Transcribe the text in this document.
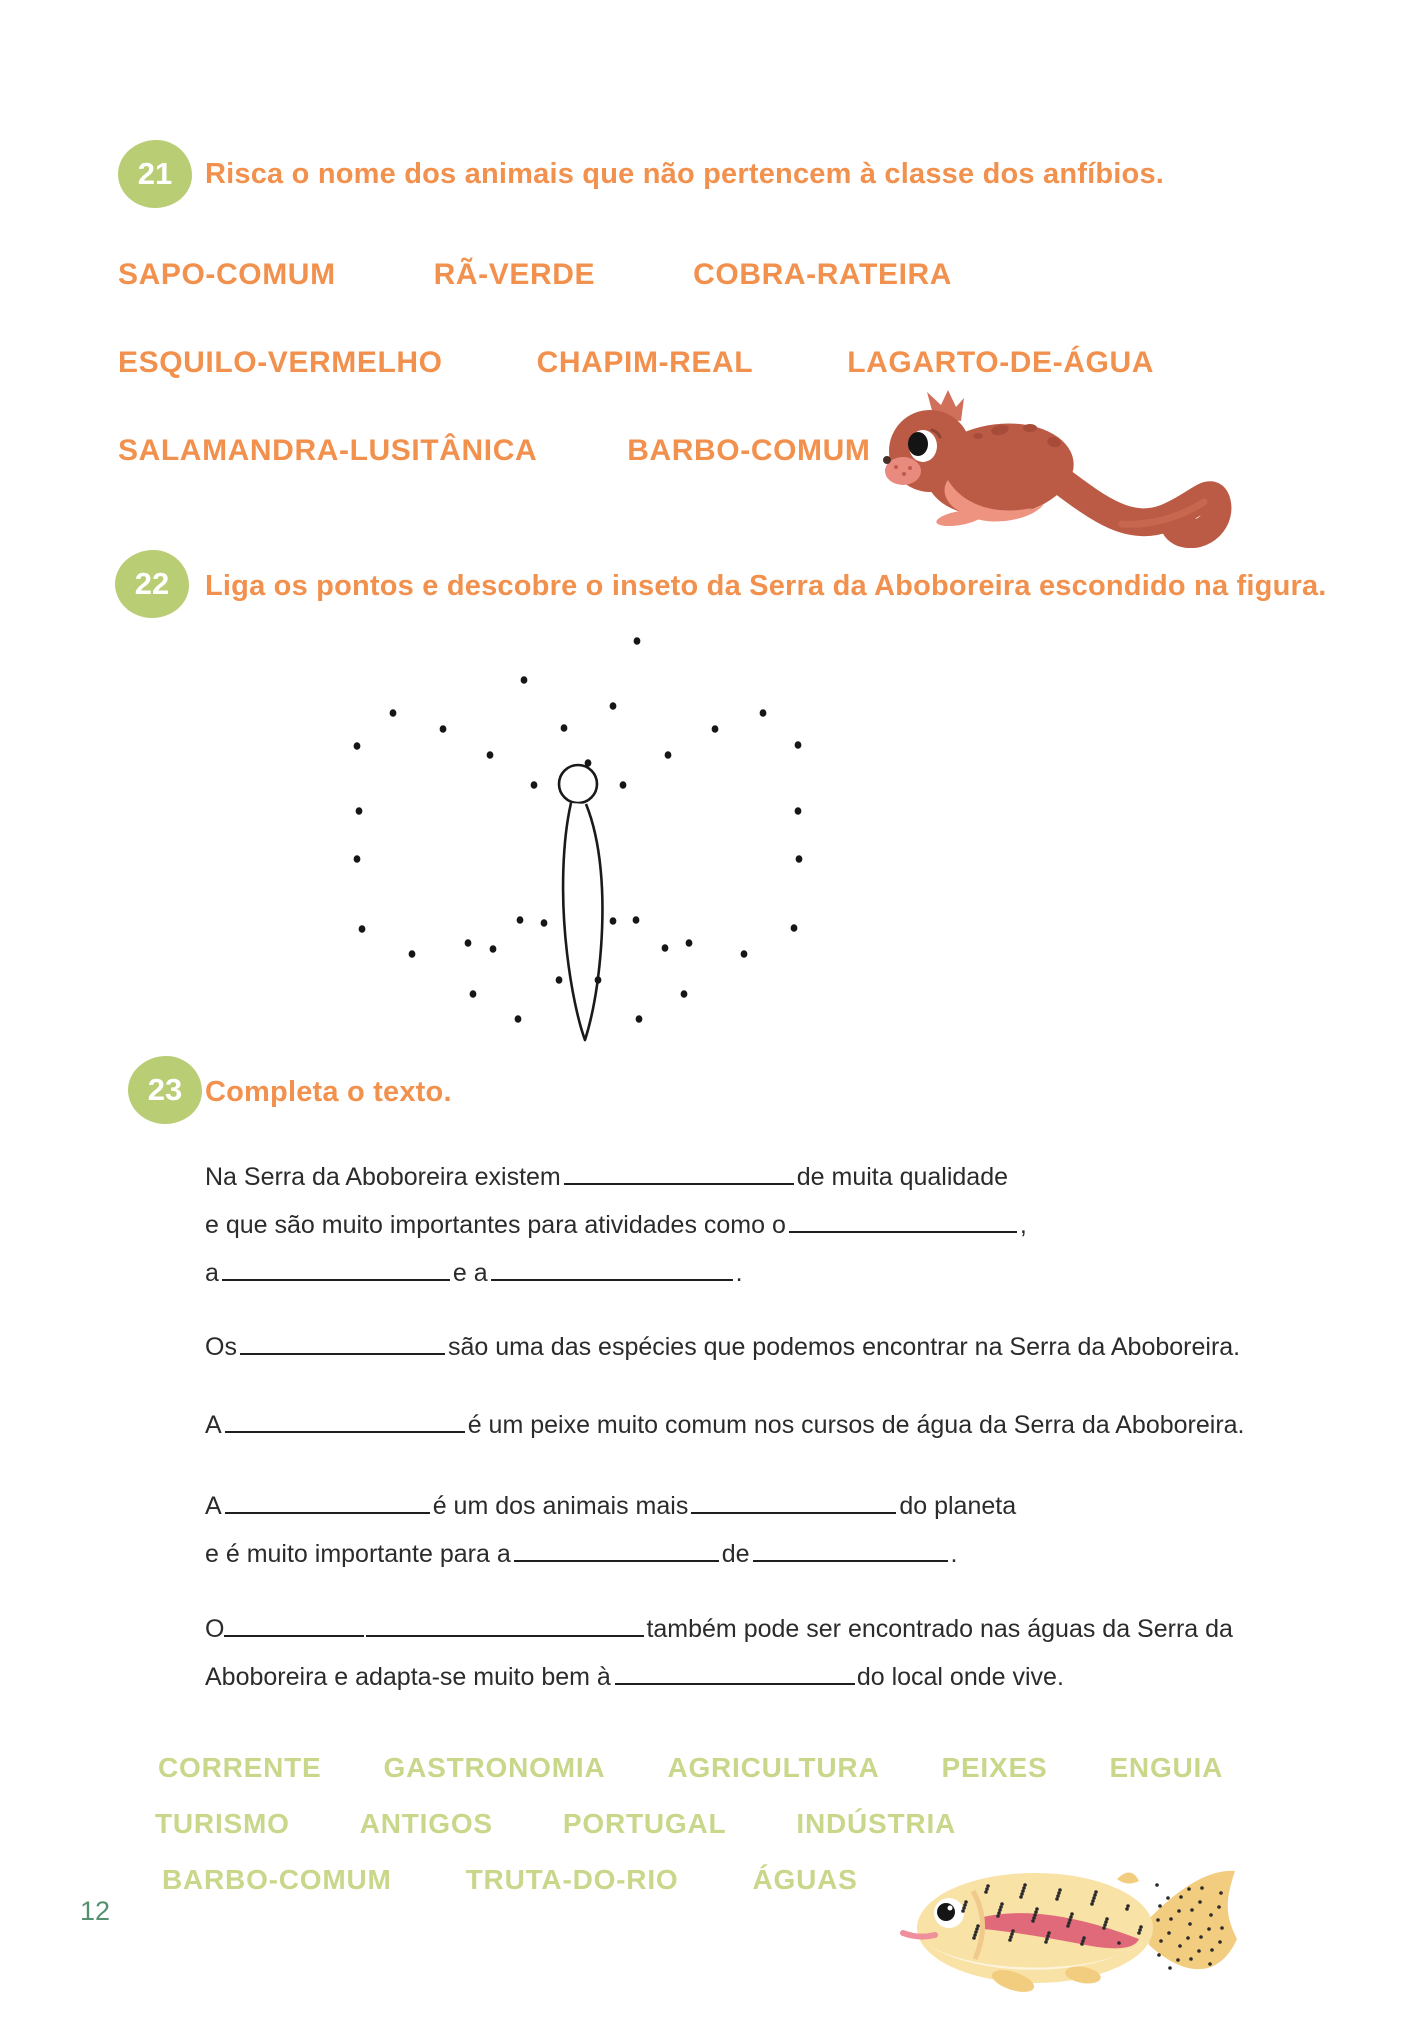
21 Risca o nome dos animais que não pertencem à classe dos anfíbios.
SAPO-COMUM	RÃ-VERDE	COBRA-RATEIRA
ESQUILO-VERMELHO	CHAPIM-REAL	LAGARTO-DE-ÁGUA
SALAMANDRA-LUSITÂNICA	BARBO-COMUM
22 Liga os pontos e descobre o inseto da Serra da Aboboreira escondido na figura.
23 Completa o texto.
Na Serra da Aboboreira existem	de muita qualidade
e que são muito importantes para atividades como o	,
a	e a	.
Os	são uma das espécies que podemos encontrar na Serra da Aboboreira.
A	é um peixe muito comum nos cursos de água da Serra da Aboboreira.
A	é um dos animais mais	do planeta
e é muito importante para a	de	.
O	também pode ser encontrado nas águas da Serra da
Aboboreira e adapta-se muito bem à	do local onde vive.
CORRENTE GASTRONOMIA AGRICULTURA PEIXES ENGUIA
TURISMO	ANTIGOS	PORTUGAL	INDÚSTRIA
BARBO-COMUM	TRUTA-DO-RIO	ÁGUAS
12
